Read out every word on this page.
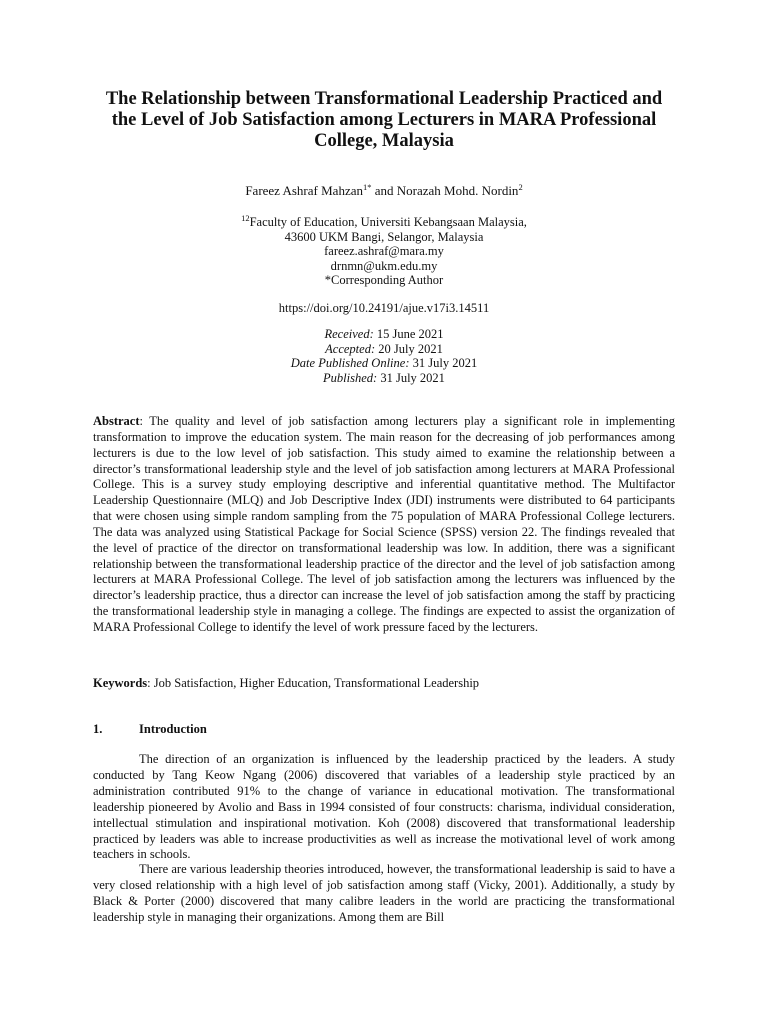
The Relationship between Transformational Leadership Practiced and the Level of Job Satisfaction among Lecturers in MARA Professional College, Malaysia

Fareez Ashraf Mahzan$^{1*}$ and Norazah Mohd. Nordin$^2$

$^{12}$Faculty of Education, Universiti Kebangsaan Malaysia,
43600 UKM Bangi, Selangor, Malaysia
fareez.ashraf@mara.my
drnmn@ukm.edu.my
*Corresponding Author

https://doi.org/10.24191/ajue.v17i3.14511

Received: 15 June 2021
Accepted: 20 July 2021
Date Published Online: 31 July 2021
Published: 31 July 2021

Abstract: The quality and level of job satisfaction among lecturers play a significant role in implementing transformation to improve the education system. The main reason for the decreasing of job performances among lecturers is due to the low level of job satisfaction. This study aimed to examine the relationship between a director’s transformational leadership style and the level of job satisfaction among lecturers at MARA Professional College. This is a survey study employing descriptive and inferential quantitative method. The Multifactor Leadership Questionnaire (MLQ) and Job Descriptive Index (JDI) instruments were distributed to 64 participants that were chosen using simple random sampling from the 75 population of MARA Professional College lecturers. The data was analyzed using Statistical Package for Social Science (SPSS) version 22. The findings revealed that the level of practice of the director on transformational leadership was low. In addition, there was a significant relationship between the transformational leadership practice of the director and the level of job satisfaction among lecturers at MARA Professional College. The level of job satisfaction among the lecturers was influenced by the director’s leadership practice, thus a director can increase the level of job satisfaction among the staff by practicing the transformational leadership style in managing a college. The findings are expected to assist the organization of MARA Professional College to identify the level of work pressure faced by the lecturers.

Keywords: Job Satisfaction, Higher Education, Transformational Leadership

1.	Introduction

The direction of an organization is influenced by the leadership practiced by the leaders. A study conducted by Tang Keow Ngang (2006) discovered that variables of a leadership style practiced by an administration contributed 91% to the change of variance in educational motivation. The transformational leadership pioneered by Avolio and Bass in 1994 consisted of four constructs: charisma, individual consideration, intellectual stimulation and inspirational motivation. Koh (2008) discovered that transformational leadership practiced by leaders was able to increase productivities as well as increase the motivational level of work among teachers in schools.

There are various leadership theories introduced, however, the transformational leadership is said to have a very closed relationship with a high level of job satisfaction among staff (Vicky, 2001). Additionally, a study by Black & Porter (2000) discovered that many calibre leaders in the world are practicing the transformational leadership style in managing their organizations. Among them are Bill
